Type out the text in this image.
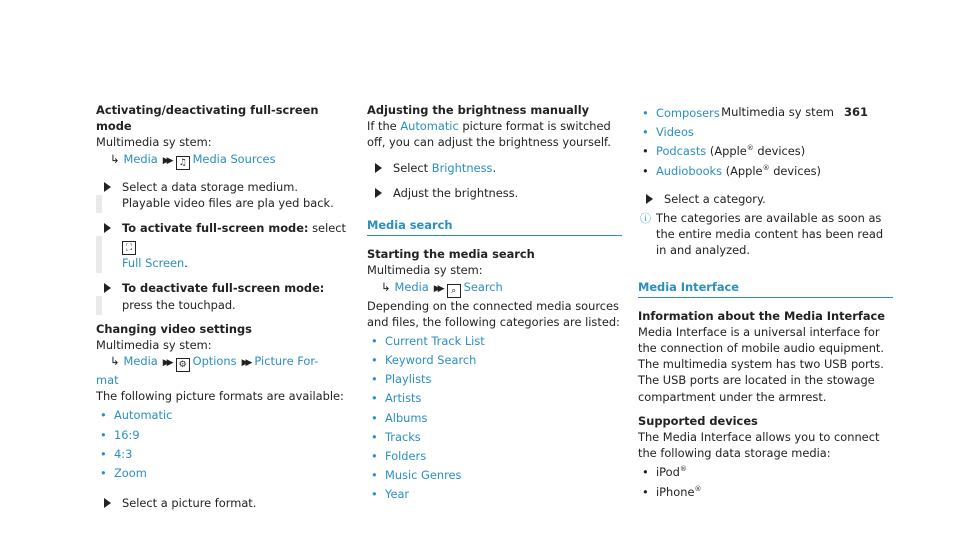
Multimedia sy stem 361

Activating/deactivating full-screen mode

Multimedia sy stem:

↳ Media ▶▶ ♫ Media Sources

Select a data storage medium.

Playable video files are pla yed back.

To activate full-screen mode: select ⛶
Full Screen.
To deactivate full-screen mode: press the touchpad.

Changing video settings

Multimedia sy stem:

↳ Media ▶▶ ⚙ Options ▶▶ Picture For-

mat

The following picture formats are available:

• Automatic
• 16:9
• 4:3
• Zoom
Select a picture format.

Adjusting the brightness manually

If the Automatic picture format is switched off, you can adjust the brightness yourself.

Select Brightness.
Adjust the brightness.
Media search

Starting the media search

Multimedia sy stem:

↳ Media ▶▶ ⌕ Search

Depending on the connected media sources and files, the following categories are listed:

• Current Track List
• Keyword Search
• Playlists
• Artists
• Albums
• Tracks
• Folders
• Music Genres
• Year
• Composers
• Videos
• Podcasts (Apple® devices)
• Audiobooks (Apple® devices)
Select a category.
ⓘ The categories are available as soon as the entire media content has been read in and analyzed.
Media Interface

Information about the Media Interface

Media Interface is a universal interface for the connection of mobile audio equipment. The multimedia system has two USB ports. The USB ports are located in the stowage compartment under the armrest.

Supported devices

The Media Interface allows you to connect the following data storage media:

• iPod®
• iPhone®
